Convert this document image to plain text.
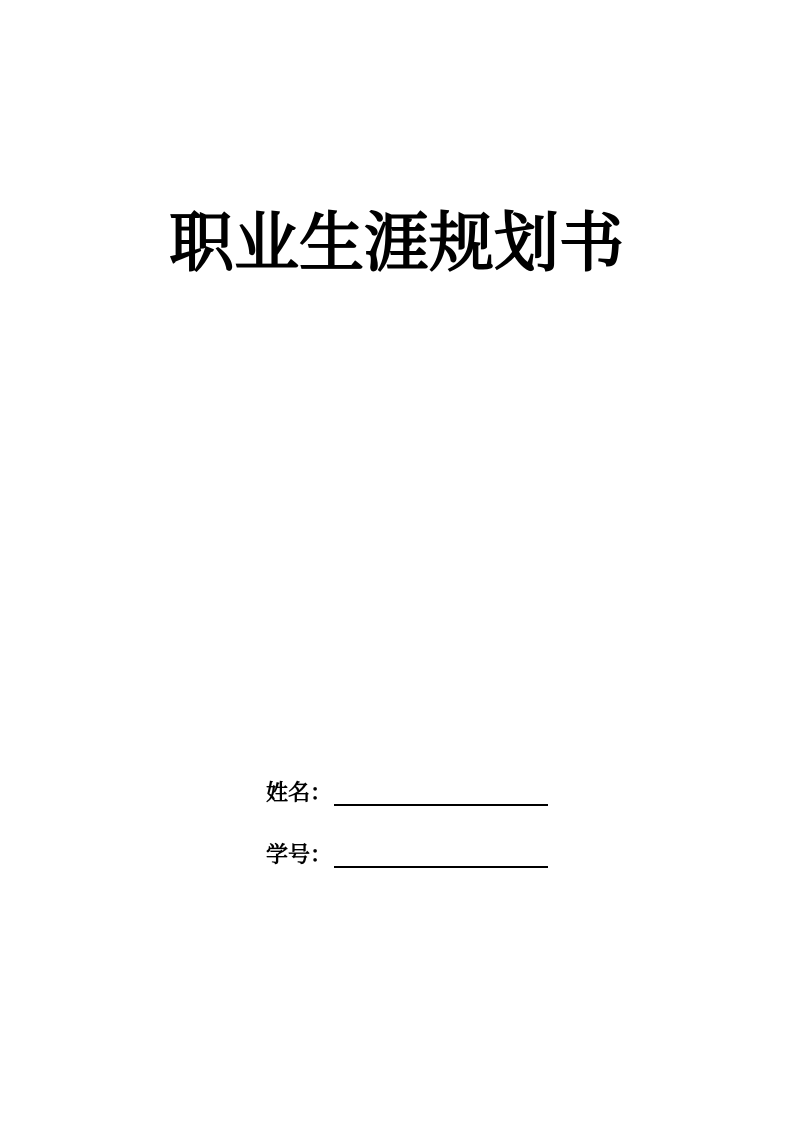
职业生涯规划书
姓名：
学号：
